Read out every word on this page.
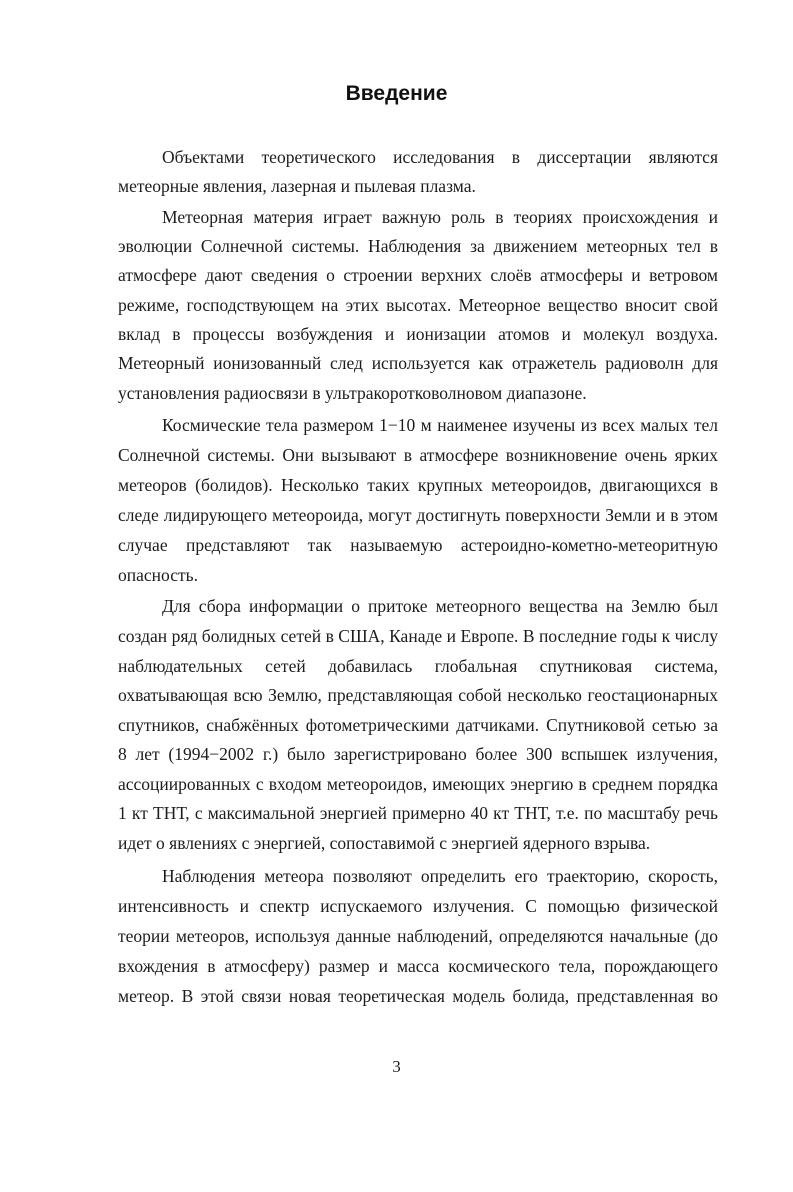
Введение
Объектами теоретического исследования в диссертации являются
метеорные явления, лазерная и пылевая плазма.
Метеорная материя играет важную роль в теориях происхождения и
эволюции Солнечной системы. Наблюдения за движением метеорных тел в
атмосфере дают сведения о строении верхних слоёв атмосферы и ветровом
режиме, господствующем на этих высотах. Метеорное вещество вносит свой
вклад в процессы возбуждения и ионизации атомов и молекул воздуха.
Метеорный ионизованный след используется как отражетель радиоволн для
установления радиосвязи в ультракоротковолновом диапазоне.
Космические тела размером 1−10 м наименее изучены из всех малых тел
Солнечной системы. Они вызывают в атмосфере возникновение очень ярких
метеоров (болидов). Несколько таких крупных метеороидов, двигающихся в
следе лидирующего метеороида, могут достигнуть поверхности Земли и в этом
случае представляют так называемую астероидно-кометно-метеоритную
опасность.
Для сбора информации о притоке метеорного вещества на Землю был
создан ряд болидных сетей в США, Канаде и Европе. В последние годы к числу
наблюдательных сетей добавилась глобальная спутниковая система,
охватывающая всю Землю, представляющая собой несколько геостационарных
спутников, снабжённых фотометрическими датчиками. Спутниковой сетью за
8 лет (1994−2002 г.) было зарегистрировано более 300 вспышек излучения,
ассоциированных с входом метеороидов, имеющих энергию в среднем порядка
1 кт ТНТ, с максимальной энергией примерно 40 кт ТНТ, т.е. по масштабу речь
идет о явлениях с энергией, сопоставимой с энергией ядерного взрыва.
Наблюдения метеора позволяют определить его траекторию, скорость,
интенсивность и спектр испускаемого излучения. С помощью физической
теории метеоров, используя данные наблюдений, определяются начальные (до
вхождения в атмосферу) размер и масса космического тела, порождающего
метеор. В этой связи новая теоретическая модель болида, представленная во
3
